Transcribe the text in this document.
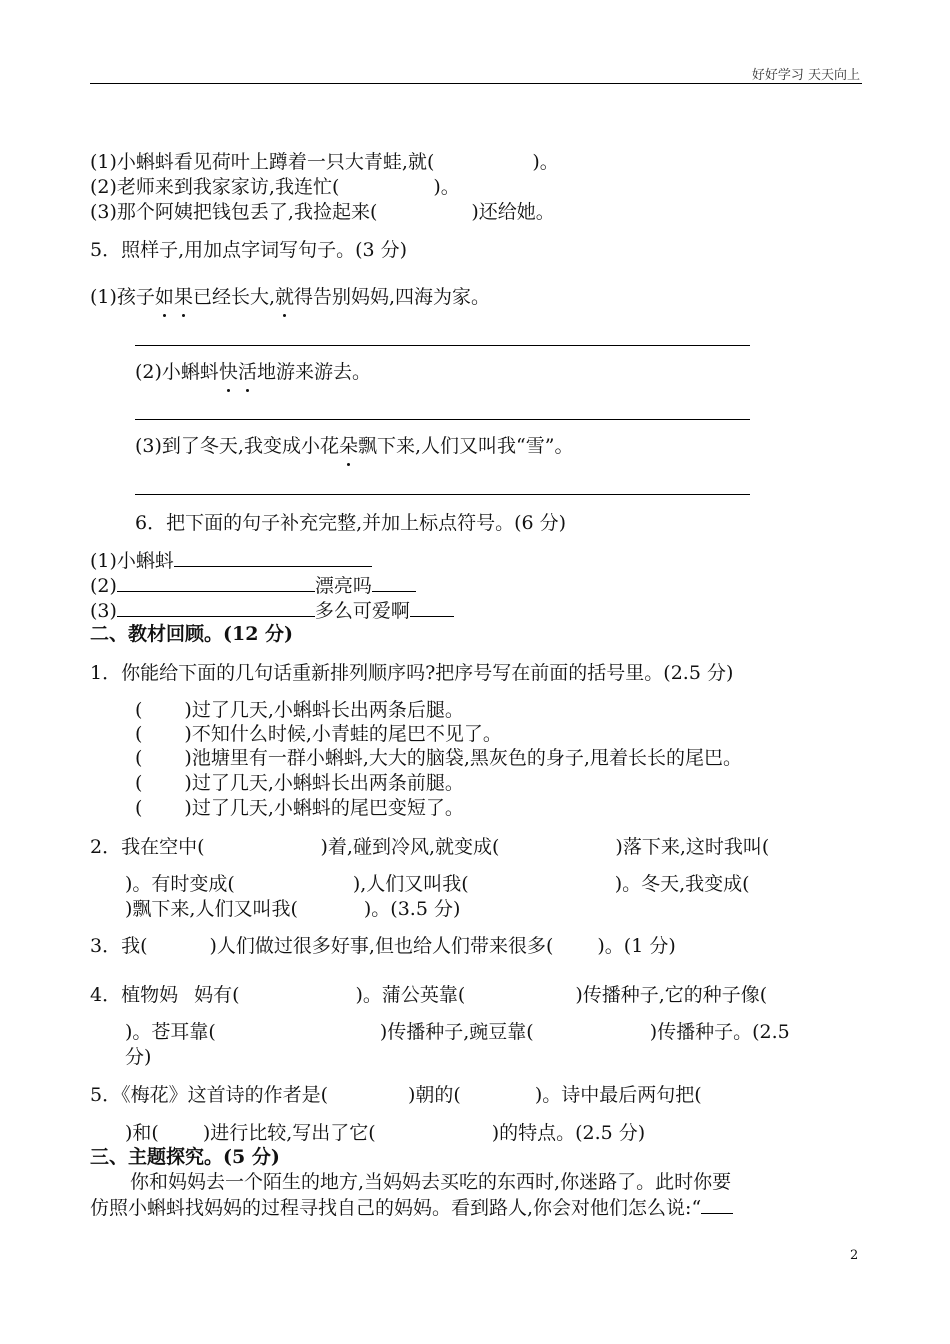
好好学习 天天向上
(1)小蝌蚪看见荷叶上蹲着一只大青蛙,就(	)。
(2)老师来到我家家访,我连忙(	)。
(3)那个阿姨把钱包丢了,我捡起来(	)还给她。
5．照样子,用加点字词写句子。(3 分)
(1)孩子如果已经长大,就得告别妈妈,四海为家。
(2)小蝌蚪快活地游来游去。
(3)到了冬天,我变成小花朵飘下来,人们又叫我“雪”。
6．把下面的句子补充完整,并加上标点符号。(6 分)
(1)小蝌蚪
(2)	漂亮吗
(3)	多么可爱啊
二、教材回顾。(12 分)
1．你能给下面的几句话重新排列顺序吗?把序号写在前面的括号里。(2.5 分)
( )过了几天,小蝌蚪长出两条后腿。
( )不知什么时候,小青蛙的尾巴不见了。
( )池塘里有一群小蝌蚪,大大的脑袋,黑灰色的身子,甩着长长的尾巴。
( )过了几天,小蝌蚪长出两条前腿。
( )过了几天,小蝌蚪的尾巴变短了。
2．我在空中(	)着,碰到冷风,就变成(	)落下来,这时我叫(
)。有时变成(	),人们又叫我(	)。冬天,我变成(
)飘下来,人们又叫我(	)。(3.5 分)
3．我(	)人们做过很多好事,但也给人们带来很多( )。(1 分)
4．植物妈 妈有(	)。蒲公英靠(	)传播种子,它的种子像(
)。苍耳靠(	)传播种子,豌豆靠(	)传播种子。(2.5
分)
5．《梅花》这首诗的作者是(	)朝的(	)。诗中最后两句把(
)和( )进行比较,写出了它(	)的特点。(2.5 分)
三、主题探究。(5 分)
你和妈妈去一个陌生的地方,当妈妈去买吃的东西时,你迷路了。此时你要
仿照小蝌蚪找妈妈的过程寻找自己的妈妈。看到路人,你会对他们怎么说:“
2
